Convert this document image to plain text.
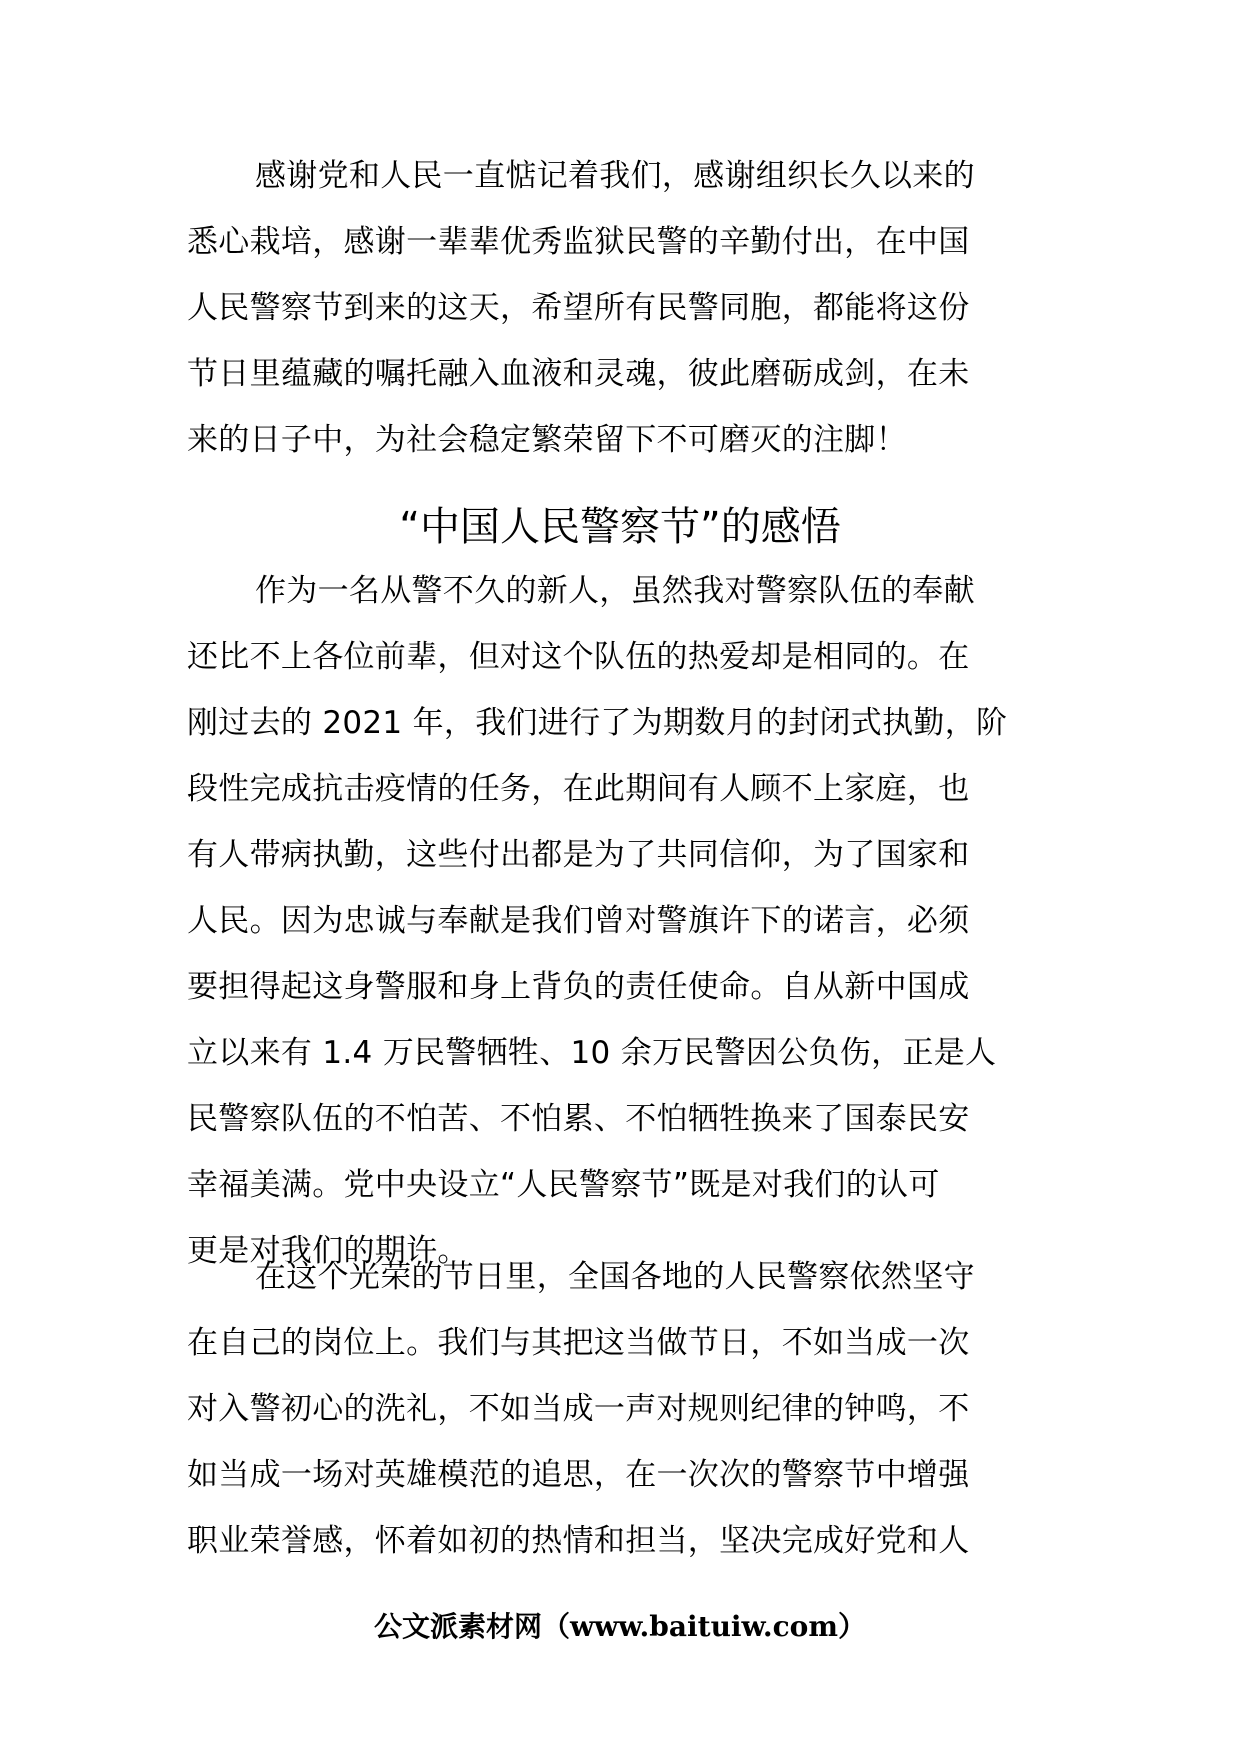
感谢党和人民一直惦记着我们，感谢组织长久以来的
悉心栽培，感谢一辈辈优秀监狱民警的辛勤付出，在中国
人民警察节到来的这天，希望所有民警同胞，都能将这份
节日里蕴藏的嘱托融入血液和灵魂，彼此磨砺成剑，在未
来的日子中，为社会稳定繁荣留下不可磨灭的注脚！
“中国人民警察节”的感悟
作为一名从警不久的新人，虽然我对警察队伍的奉献
还比不上各位前辈，但对这个队伍的热爱却是相同的。在
刚过去的 2021 年，我们进行了为期数月的封闭式执勤，阶
段性完成抗击疫情的任务，在此期间有人顾不上家庭，也
有人带病执勤，这些付出都是为了共同信仰，为了国家和
人民。因为忠诚与奉献是我们曾对警旗许下的诺言，必须
要担得起这身警服和身上背负的责任使命。自从新中国成
立以来有 1.4 万民警牺牲、10 余万民警因公负伤，正是人
民警察队伍的不怕苦、不怕累、不怕牺牲换来了国泰民安
幸福美满。党中央设立“人民警察节”既是对我们的认可
更是对我们的期许。
在这个光荣的节日里，全国各地的人民警察依然坚守
在自己的岗位上。我们与其把这当做节日，不如当成一次
对入警初心的洗礼，不如当成一声对规则纪律的钟鸣，不
如当成一场对英雄模范的追思，在一次次的警察节中增强
职业荣誉感，怀着如初的热情和担当，坚决完成好党和人
公文派素材网（www.baituiw.com）
